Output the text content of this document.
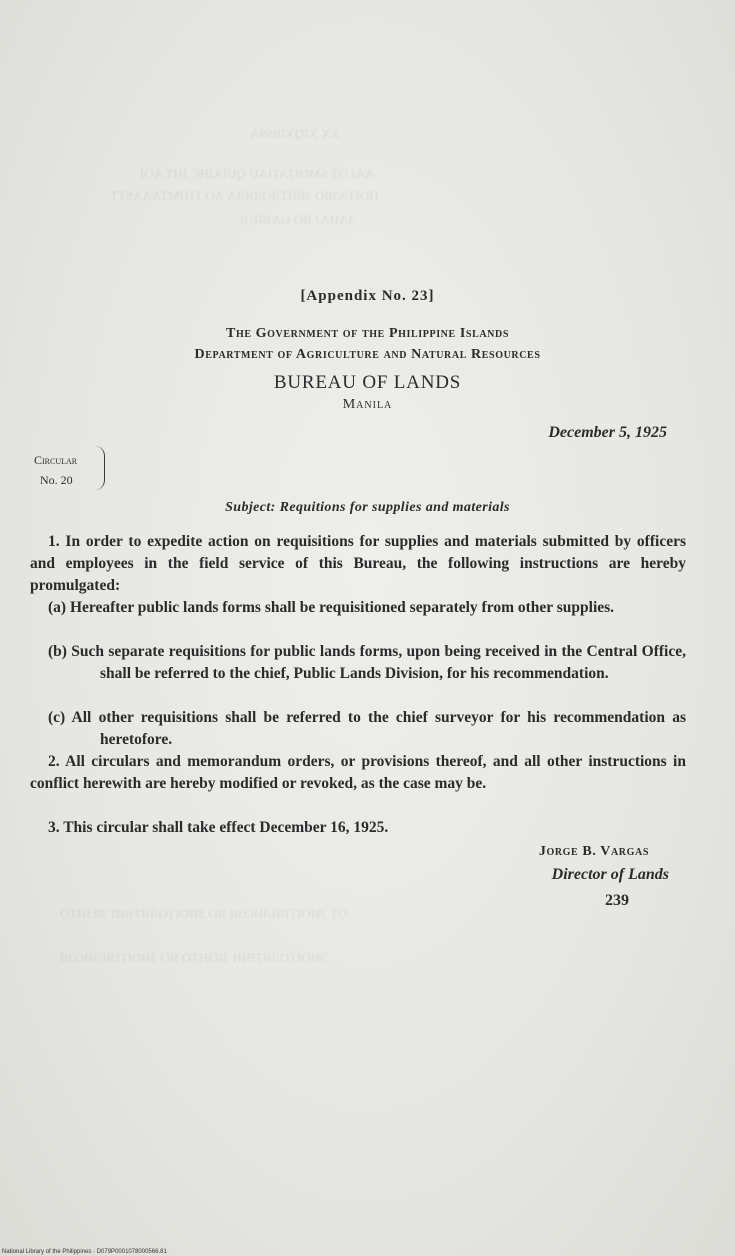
XX XIQXIII99A
AAI OT SMOITATIAU QUIAIHC JHT AOI
ПОІТАЗЯО ЗЯИТЛОЛЯЛА AO THJMTAAASTT
ЗАИAJ ЯO UAJЯUЯ
[Appendix No. 23]
The Government of the Philippine Islands
Department of Agriculture and Natural Resources
BUREAU OF LANDS
Manila
December 5, 1925
Circular
No. 20
Subject: Requitions for supplies and materials
1. In order to expedite action on requisitions for supplies and materials submitted by officers and employees in the field service of this Bureau, the following instructions are hereby promulgated:
(a) Hereafter public lands forms shall be requisitioned separately from other supplies.
(b) Such separate requisitions for public lands forms, upon being received in the Central Office, shall be referred to the chief, Public Lands Division, for his recommendation.
(c) All other requisitions shall be referred to the chief surveyor for his recommendation as heretofore.
2. All circulars and memorandum orders, or provisions thereof, and all other instructions in conflict herewith are hereby modified or revoked, as the case may be.
3. This circular shall take effect December 16, 1925.
Jorge B. Vargas
Director of Lands
239
ОТ ЗИОІТІЯІЛИОЗЯ ЯО ЗИОІТОЛЯТВИІ ЗЯЗНТО
ЗИОІТОЛЯТВИІ ЗЯЗНТО ЯО ЗИОІТІЯІЛИОЗЯ
National Library of the Philippines · D079P0001078000566.81
